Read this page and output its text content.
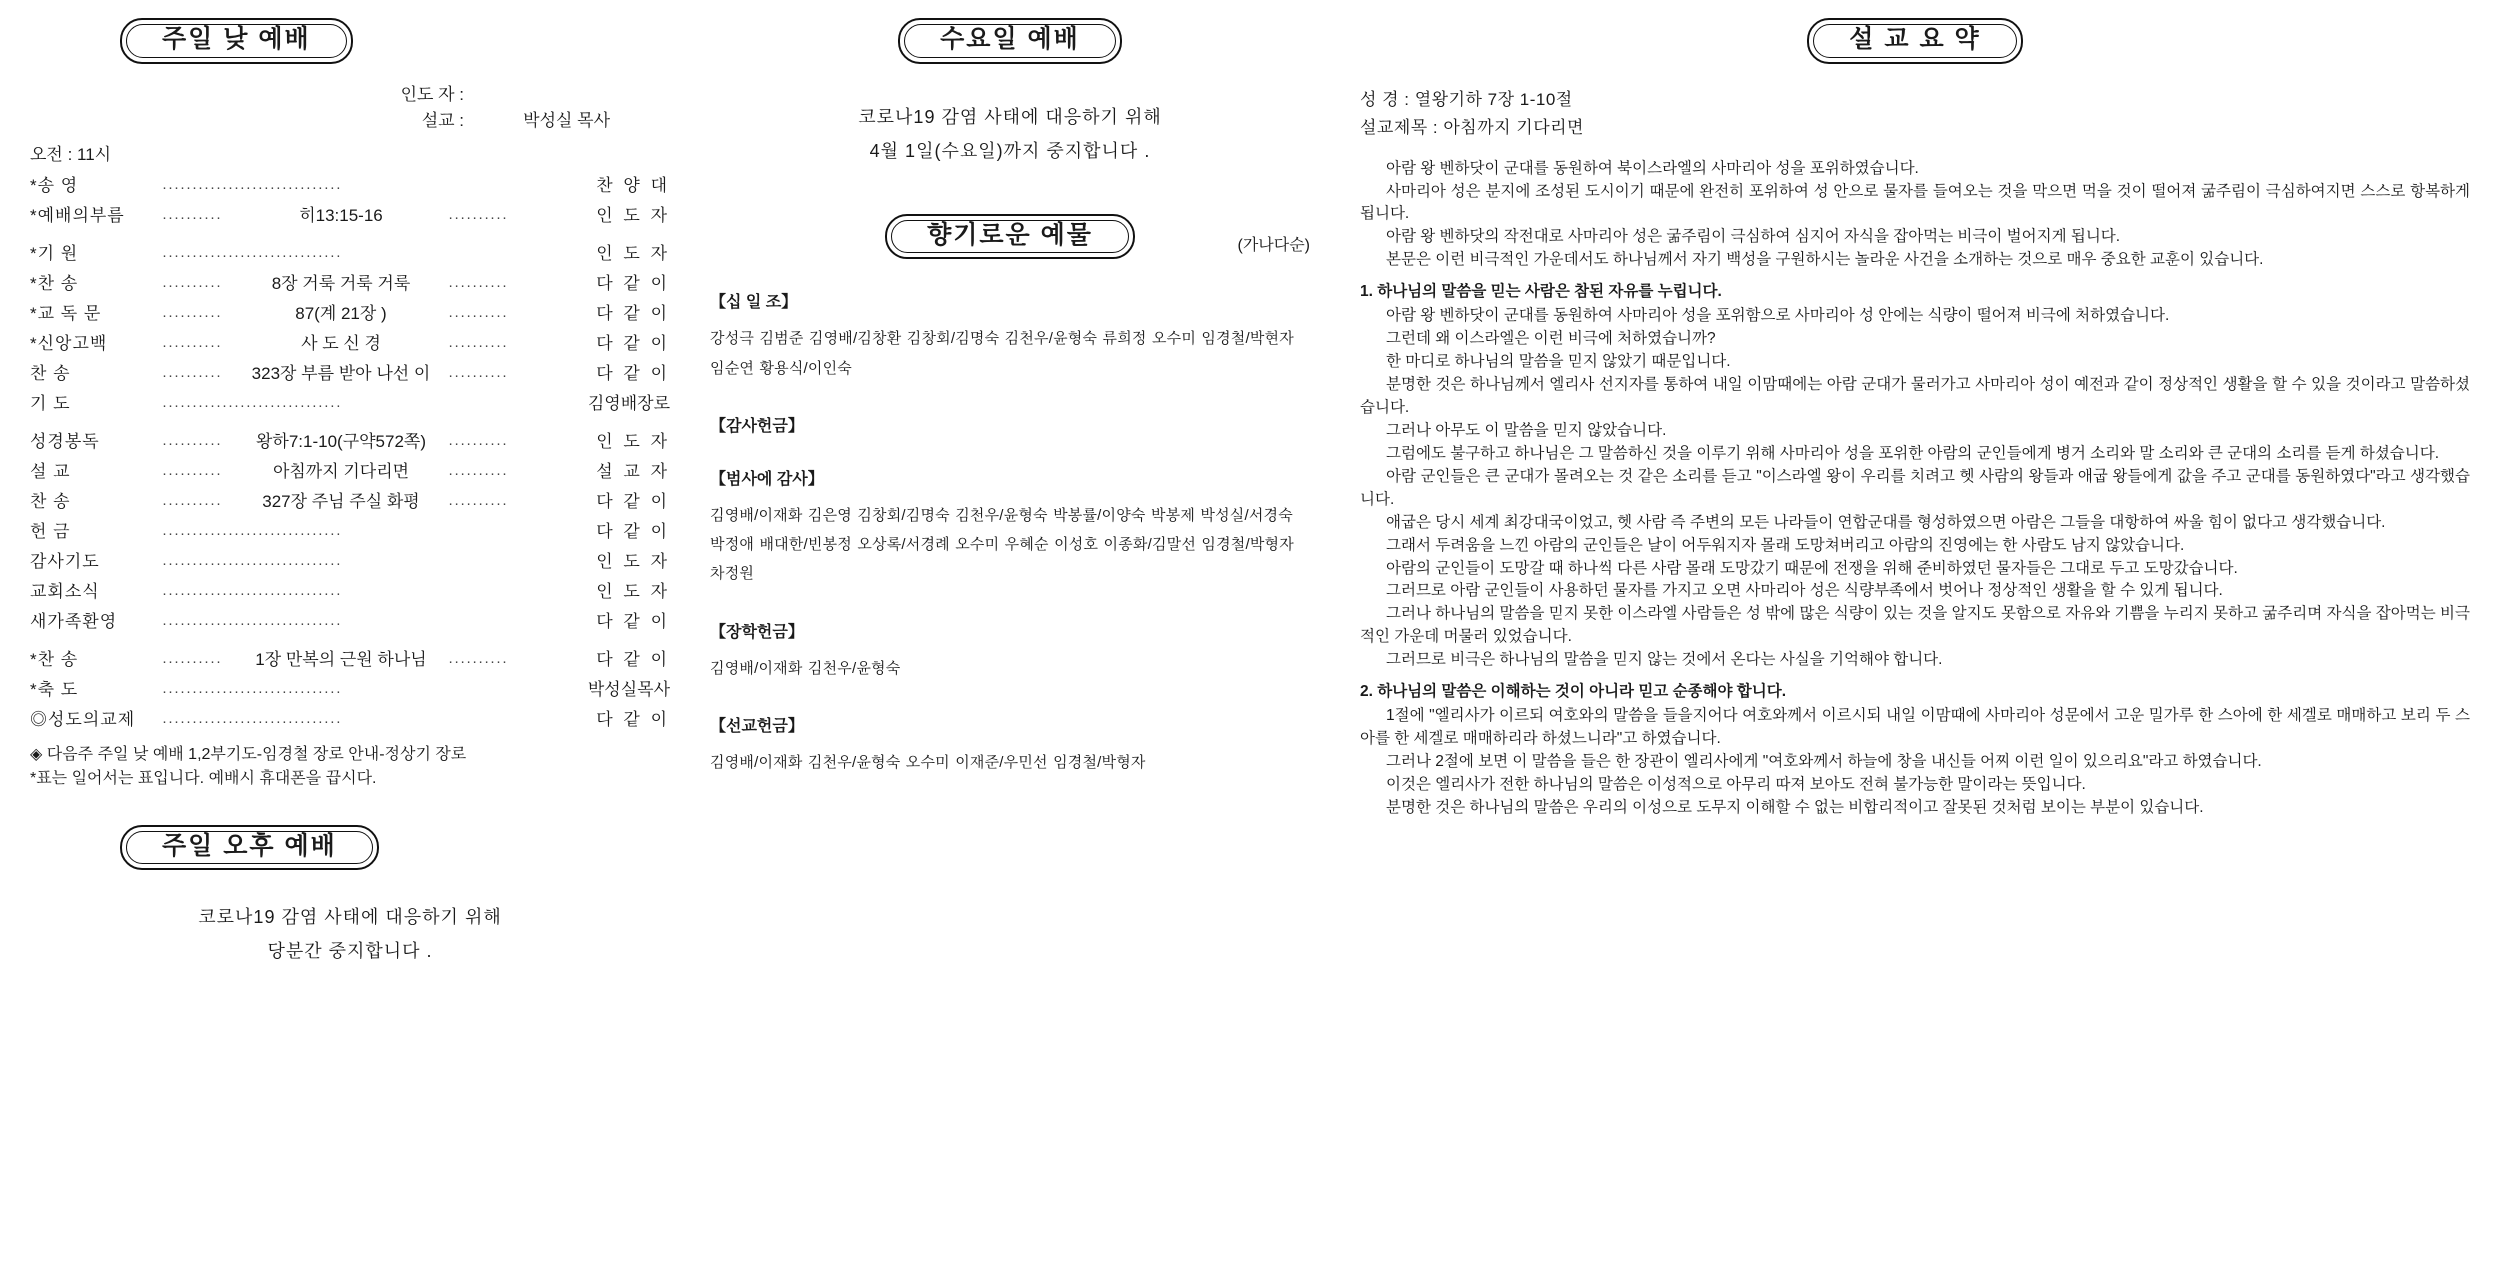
주일 낮 예배
인도 자 :
설교 :	박성실 목사
오전 : 11시
*송 영	······························			찬 양 대
*예배의부름	··········	히13:15-16	··········	인 도 자

*기 원	······························			인 도 자
*찬 송	··········	8장 거룩 거룩 거룩	··········	다 같 이
*교 독 문	··········	87(계 21장 )	··········	다 같 이
*신앙고백	··········	사 도 신 경	··········	다 같 이
찬 송	··········	323장 부름 받아 나선 이	··········	다 같 이
기 도	······························			김영배장로

성경봉독	··········	왕하7:1-10(구약572쪽)	··········	인 도 자
설 교	··········	아침까지 기다리면	··········	설 교 자
찬 송	··········	327장 주님 주실 화평	··········	다 같 이
헌 금	······························			다 같 이
감사기도	······························			인 도 자
교회소식	······························			인 도 자
새가족환영	······························			다 같 이

*찬 송	··········	1장 만복의 근원 하나님	··········	다 같 이
*축 도	······························			박성실목사
◎성도의교제	······························			다 같 이
◈ 다음주 주일 낮 예배 1,2부기도-임경철 장로 안내-정상기 장로
*표는 일어서는 표입니다. 예배시 휴대폰을 끕시다.
주일 오후 예배
코로나19 감염 사태에 대응하기 위해
당분간 중지합니다 .
수요일 예배
코로나19 감염 사태에 대응하기 위해
4월 1일(수요일)까지 중지합니다 .
향기로운 예물	(가나다순)
【십 일 조】
강성극 김범준 김영배/김창환 김창회/김명숙 김천우/윤형숙 류희정 오수미 임경철/박현자
임순연 황용식/이인숙
【감사헌금】
【범사에 감사】
김영배/이재화 김은영 김창회/김명숙 김천우/윤형숙 박봉률/이양숙 박봉제 박성실/서경숙
박정애 배대한/빈봉정 오상록/서경례 오수미 우혜순 이성호 이종화/김말선 임경철/박형자
차정원
【장학헌금】
김영배/이재화 김천우/윤형숙
【선교헌금】
김영배/이재화 김천우/윤형숙 오수미 이재준/우민선 임경철/박형자
설 교 요 약
성 경 : 열왕기하 7장 1-10절
설교제목 : 아침까지 기다리면

아람 왕 벤하닷이 군대를 동원하여 북이스라엘의 사마리아 성을 포위하였습니다.

사마리아 성은 분지에 조성된 도시이기 때문에 완전히 포위하여 성 안으로 물자를 들여오는 것을 막으면 먹을 것이 떨어져 굶주림이 극심하여지면 스스로 항복하게 됩니다.

아람 왕 벤하닷의 작전대로 사마리아 성은 굶주림이 극심하여 심지어 자식을 잡아먹는 비극이 벌어지게 됩니다.

본문은 이런 비극적인 가운데서도 하나님께서 자기 백성을 구원하시는 놀라운 사건을 소개하는 것으로 매우 중요한 교훈이 있습니다.

1. 하나님의 말씀을 믿는 사람은 참된 자유를 누립니다.

아람 왕 벤하닷이 군대를 동원하여 사마리아 성을 포위함으로 사마리아 성 안에는 식량이 떨어져 비극에 처하였습니다.

그런데 왜 이스라엘은 이런 비극에 처하였습니까?

한 마디로 하나님의 말씀을 믿지 않았기 때문입니다.

분명한 것은 하나님께서 엘리사 선지자를 통하여 내일 이맘때에는 아람 군대가 물러가고 사마리아 성이 예전과 같이 정상적인 생활을 할 수 있을 것이라고 말씀하셨습니다.

그러나 아무도 이 말씀을 믿지 않았습니다.

그럼에도 불구하고 하나님은 그 말씀하신 것을 이루기 위해 사마리아 성을 포위한 아람의 군인들에게 병거 소리와 말 소리와 큰 군대의 소리를 듣게 하셨습니다.

아람 군인들은 큰 군대가 몰려오는 것 같은 소리를 듣고 "이스라엘 왕이 우리를 치려고 헷 사람의 왕들과 애굽 왕들에게 값을 주고 군대를 동원하였다"라고 생각했습니다.

애굽은 당시 세계 최강대국이었고, 헷 사람 즉 주변의 모든 나라들이 연합군대를 형성하였으면 아람은 그들을 대항하여 싸울 힘이 없다고 생각했습니다.

그래서 두려움을 느낀 아람의 군인들은 날이 어두워지자 몰래 도망쳐버리고 아람의 진영에는 한 사람도 남지 않았습니다.

아람의 군인들이 도망갈 때 하나씩 다른 사람 몰래 도망갔기 때문에 전쟁을 위해 준비하였던 물자들은 그대로 두고 도망갔습니다.

그러므로 아람 군인들이 사용하던 물자를 가지고 오면 사마리아 성은 식량부족에서 벗어나 정상적인 생활을 할 수 있게 됩니다.

그러나 하나님의 말씀을 믿지 못한 이스라엘 사람들은 성 밖에 많은 식량이 있는 것을 알지도 못함으로 자유와 기쁨을 누리지 못하고 굶주리며 자식을 잡아먹는 비극적인 가운데 머물러 있었습니다.

그러므로 비극은 하나님의 말씀을 믿지 않는 것에서 온다는 사실을 기억해야 합니다.

2. 하나님의 말씀은 이해하는 것이 아니라 믿고 순종해야 합니다.

1절에 "엘리사가 이르되 여호와의 말씀을 들을지어다 여호와께서 이르시되 내일 이맘때에 사마리아 성문에서 고운 밀가루 한 스아에 한 세겔로 매매하고 보리 두 스아를 한 세겔로 매매하리라 하셨느니라"고 하였습니다.

그러나 2절에 보면 이 말씀을 들은 한 장관이 엘리사에게 "여호와께서 하늘에 창을 내신들 어찌 이런 일이 있으리요"라고 하였습니다.

이것은 엘리사가 전한 하나님의 말씀은 이성적으로 아무리 따져 보아도 전혀 불가능한 말이라는 뜻입니다.

분명한 것은 하나님의 말씀은 우리의 이성으로 도무지 이해할 수 없는 비합리적이고 잘못된 것처럼 보이는 부분이 있습니다.
